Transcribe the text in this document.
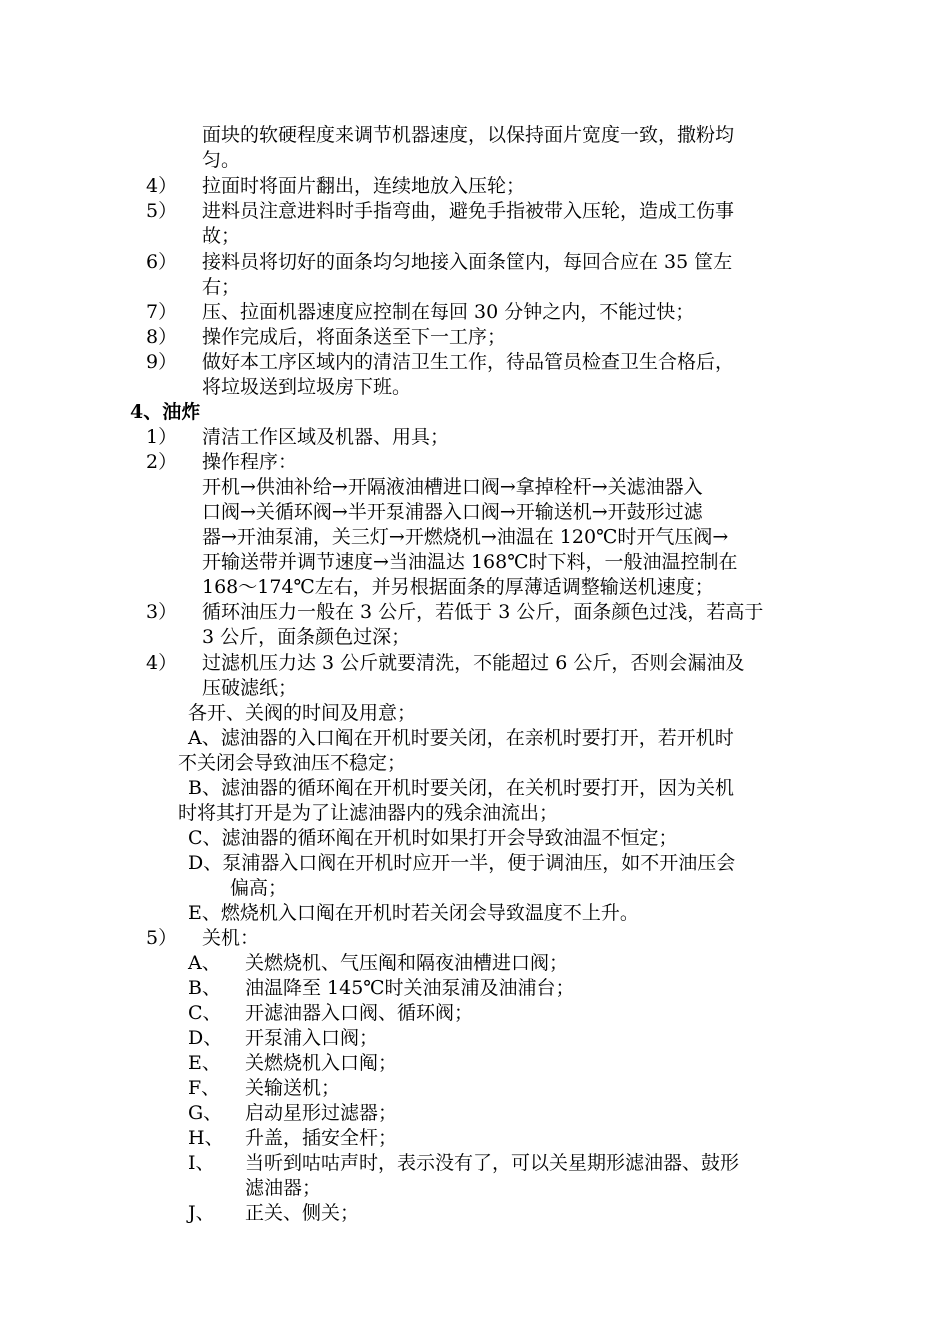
面块的软硬程度来调节机器速度，以保持面片宽度一致，撒粉均

匀。

4） 拉面时将面片翻出，连续地放入压轮；

5） 进料员注意进料时手指弯曲，避免手指被带入压轮，造成工伤事

故；

6） 接料员将切好的面条均匀地接入面条筐内，每回合应在 35 筐左

右；

7） 压、拉面机器速度应控制在每回 30 分钟之内，不能过快；

8） 操作完成后，将面条送至下一工序；

9） 做好本工序区域内的清洁卫生工作，待品管员检查卫生合格后，

将垃圾送到垃圾房下班。

4、油炸

1） 清洁工作区域及机器、用具；

2） 操作程序：

开机→供油补给→开隔液油槽进口阀→拿掉栓杆→关滤油器入

口阀→关循环阀→半开泵浦器入口阀→开输送机→开鼓形过滤

器→开油泵浦，关三灯→开燃烧机→油温在 120℃时开气压阀→

开输送带并调节速度→当油温达 168℃时下料，一般油温控制在

168～174℃左右，并另根据面条的厚薄适调整输送机速度；

3） 循环油压力一般在 3 公斤，若低于 3 公斤，面条颜色过浅，若高于

3 公斤，面条颜色过深；

4） 过滤机压力达 3 公斤就要清洗，不能超过 6 公斤，否则会漏油及

压破滤纸；

各开、关阀的时间及用意；

A、滤油器的入口阄在开机时要关闭，在亲机时要打开，若开机时

不关闭会导致油压不稳定；

B、滤油器的循环阄在开机时要关闭，在关机时要打开，因为关机

时将其打开是为了让滤油器内的残余油流出；

C、滤油器的循环阄在开机时如果打开会导致油温不恒定；

D、泵浦器入口阀在开机时应开一半，便于调油压，如不开油压会

偏高；

E、燃烧机入口阄在开机时若关闭会导致温度不上升。

5） 关机：

A、 关燃烧机、气压阄和隔夜油槽进口阀；

B、 油温降至 145℃时关油泵浦及油浦台；

C、 开滤油器入口阀、循环阀；

D、 开泵浦入口阀；

E、 关燃烧机入口阄；

F、 关输送机；

G、 启动星形过滤器；

H、 升盖，插安全杆；

I、 当听到咕咕声时，表示没有了，可以关星期形滤油器、鼓形

滤油器；

J、 正关、侧关；
